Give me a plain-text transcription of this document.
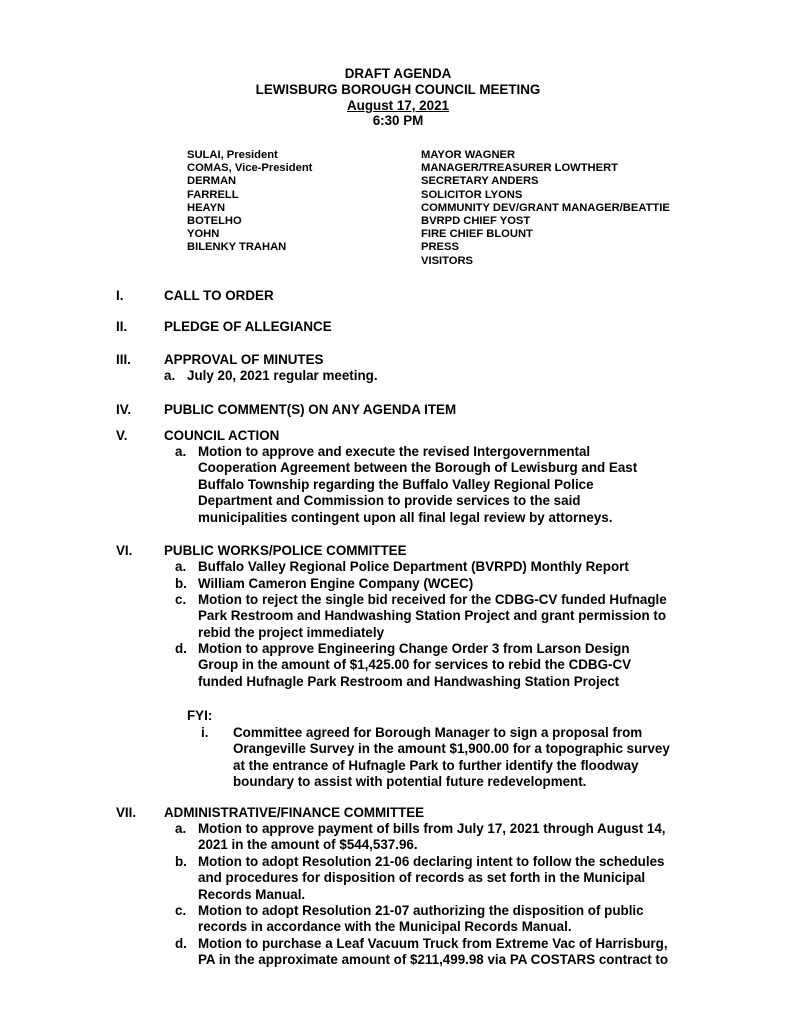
DRAFT AGENDA
LEWISBURG BOROUGH COUNCIL MEETING
August 17, 2021
6:30 PM
SULAI, President
COMAS, Vice-President
DERMAN
FARRELL
HEAYN
BOTELHO
YOHN
BILENKY TRAHAN
MAYOR WAGNER
MANAGER/TREASURER LOWTHERT
SECRETARY ANDERS
SOLICITOR LYONS
COMMUNITY DEV/GRANT MANAGER/BEATTIE
BVRPD CHIEF YOST
FIRE CHIEF BLOUNT
PRESS
VISITORS
I.	CALL TO ORDER
II.	PLEDGE OF ALLEGIANCE
III. APPROVAL OF MINUTES
a. July 20, 2021 regular meeting.
IV. PUBLIC COMMENT(S) ON ANY AGENDA ITEM
V.	COUNCIL ACTION
a. Motion to approve and execute the revised Intergovernmental
Cooperation Agreement between the Borough of Lewisburg and East
Buffalo Township regarding the Buffalo Valley Regional Police
Department and Commission to provide services to the said
municipalities contingent upon all final legal review by attorneys.
VI. PUBLIC WORKS/POLICE COMMITTEE
a. Buffalo Valley Regional Police Department (BVRPD) Monthly Report
b. William Cameron Engine Company (WCEC)
c. Motion to reject the single bid received for the CDBG-CV funded Hufnagle
Park Restroom and Handwashing Station Project and grant permission to
rebid the project immediately
d. Motion to approve Engineering Change Order 3 from Larson Design
Group in the amount of $1,425.00 for services to rebid the CDBG-CV
funded Hufnagle Park Restroom and Handwashing Station Project
FYI:
i. Committee agreed for Borough Manager to sign a proposal from
Orangeville Survey in the amount $1,900.00 for a topographic survey
at the entrance of Hufnagle Park to further identify the floodway
boundary to assist with potential future redevelopment.
VII. ADMINISTRATIVE/FINANCE COMMITTEE
a. Motion to approve payment of bills from July 17, 2021 through August 14,
2021 in the amount of $544,537.96.
b. Motion to adopt Resolution 21-06 declaring intent to follow the schedules
and procedures for disposition of records as set forth in the Municipal
Records Manual.
c. Motion to adopt Resolution 21-07 authorizing the disposition of public
records in accordance with the Municipal Records Manual.
d. Motion to purchase a Leaf Vacuum Truck from Extreme Vac of Harrisburg,
PA in the approximate amount of $211,499.98 via PA COSTARS contract to
